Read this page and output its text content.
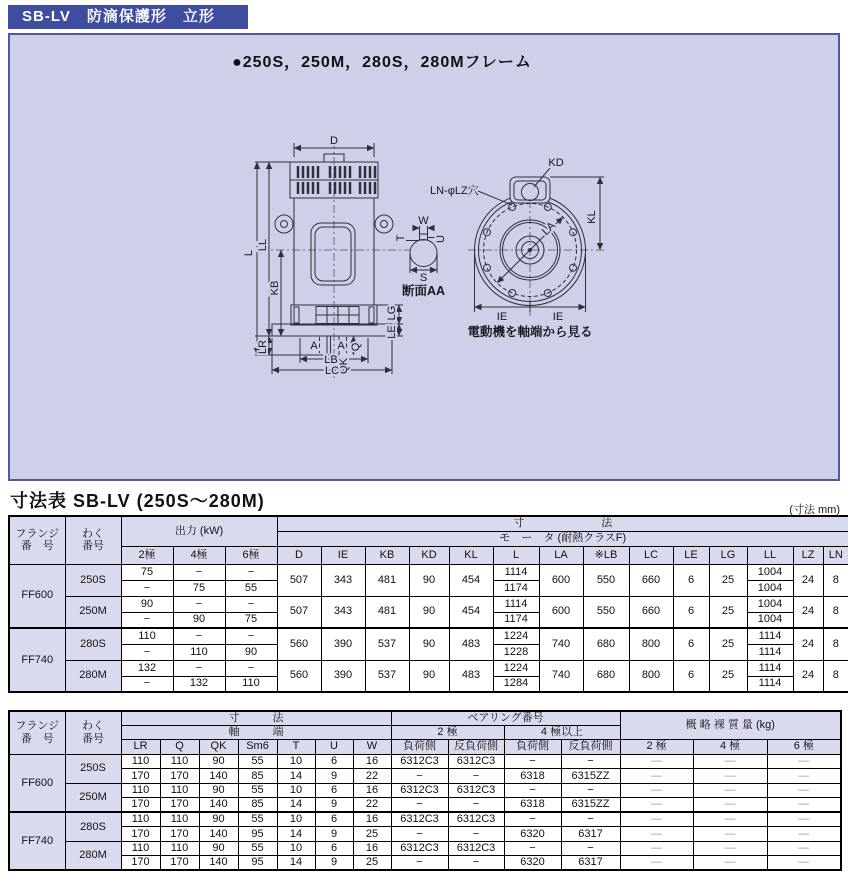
SB-LV　防滴保護形　立形
●250S，250M，280S，280Mフレーム
D
L
LL
KB
LR
LG
LE
A A Q
QK
LB
LC
W
T	U
S
断面AA
KD
KL
LA
LN-φLZ穴
IE	IE
電動機を軸端から見る
寸法表 SB-LV (250S〜280M)	(寸法 mm)
フランジ
番　号

わく
番号
	出力 (kW)	寸　　　　　　　法
					モ　ー　タ (耐熱クラスF)													
		2極	4極	6極	D	IE	KB	KD	KL	L	LA	※LB	LC	LE	LG	LL	LZ	LN
FF600	250S	75	−	−	507	343	481	90	454	1114	600	550	660	6	25	1004	24	8
		−	75	55						1174						1004		
	250M	90	−	−	507	343	481	90	454	1114	600	550	660	6	25	1004	24	8
		−	90	75						1174						1004		
FF740	280S	110	−	−	560	390	537	90	483	1224	740	680	800	6	25	1114	24	8
		−	110	90						1228						1114		
	280M	132	−	−	560	390	537	90	483	1224	740	680	800	6	25	1114	24	8
		−	132	110						1284						1114		
フランジ
番　号

わく
番号
	寸　　　法	ベアリング番号	概 略 裸 質 量 (kg)
		軸　　　端							2 極		4 極以上				
		LR	Q	QK	Sm6	T	U	W	負荷側	反負荷側	負荷側	反負荷側	2 極	4 極	6 極
FF600	250S	110	110	90	55	10	6	16	6312C3	6312C3	−	−	—	—	—
		170	170	140	85	14	9	22	−	−	6318	6315ZZ	—	—	—
	250M	110	110	90	55	10	6	16	6312C3	6312C3	−	−	—	—	—
		170	170	140	85	14	9	22	−	−	6318	6315ZZ	—	—	—
FF740	280S	110	110	90	55	10	6	16	6312C3	6312C3	−	−	—	—	—
		170	170	140	95	14	9	25	−	−	6320	6317	—	—	—
	280M	110	110	90	55	10	6	16	6312C3	6312C3	−	−	—	—	—
		170	170	140	95	14	9	25	−	−	6320	6317	—	—	—
